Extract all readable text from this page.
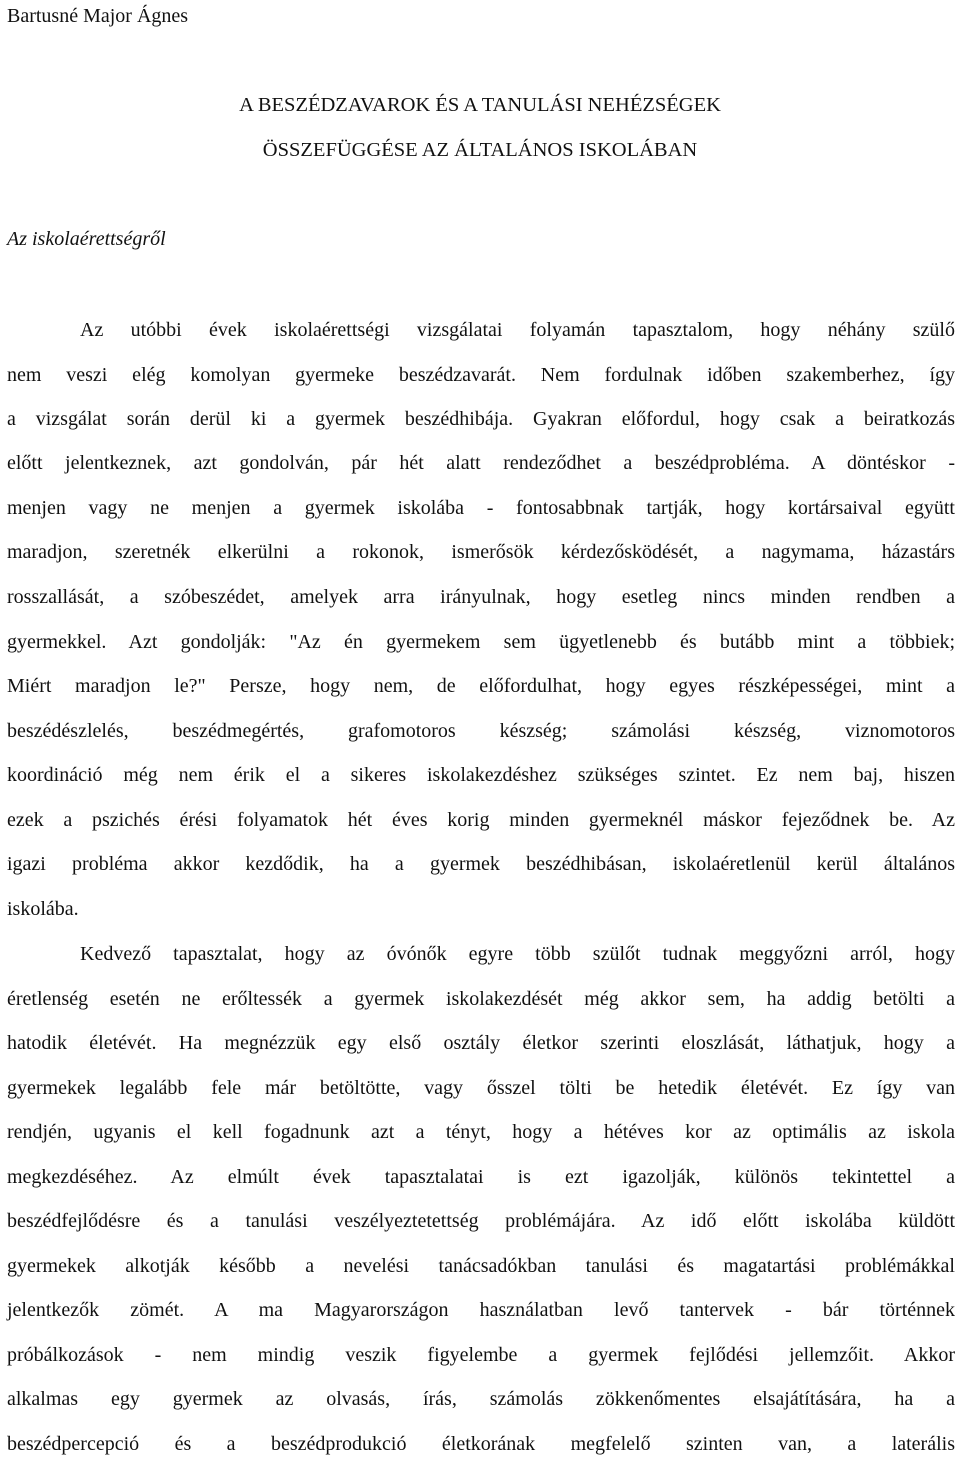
Bartusné Major Ágnes
A BESZÉDZAVAROK ÉS A TANULÁSI NEHÉZSÉGEK
ÖSSZEFÜGGÉSE AZ ÁLTALÁNOS ISKOLÁBAN
Az iskolaérettségről
Az utóbbi évek iskolaérettségi vizsgálatai folyamán tapasztalom, hogy néhány szülő
nem veszi elég komolyan gyermeke beszédzavarát. Nem fordulnak időben szakemberhez, így
a vizsgálat során derül ki a gyermek beszédhibája. Gyakran előfordul, hogy csak a beiratkozás
előtt jelentkeznek, azt gondolván, pár hét alatt rendeződhet a beszédprobléma. A döntéskor -
menjen vagy ne menjen a gyermek iskolába - fontosabbnak tartják, hogy kortársaival együtt
maradjon, szeretnék elkerülni a rokonok, ismerősök kérdezősködését, a nagymama, házastárs
rosszallását, a szóbeszédet, amelyek arra irányulnak, hogy esetleg nincs minden rendben a
gyermekkel. Azt gondolják: "Az én gyermekem sem ügyetlenebb és butább mint a többiek;
Miért maradjon le?" Persze, hogy nem, de előfordulhat, hogy egyes részképességei, mint a
beszédészlelés, beszédmegértés, grafomotoros készség; számolási készség, viznomotoros
koordináció még nem érik el a sikeres iskolakezdéshez szükséges szintet. Ez nem baj, hiszen
ezek a pszichés érési folyamatok hét éves korig minden gyermeknél máskor fejeződnek be. Az
igazi probléma akkor kezdődik, ha a gyermek beszédhibásan, iskolaéretlenül kerül általános
iskolába.
Kedvező tapasztalat, hogy az óvónők egyre több szülőt tudnak meggyőzni arról, hogy
éretlenség esetén ne erőltessék a gyermek iskolakezdését még akkor sem, ha addig betölti a
hatodik életévét. Ha megnézzük egy első osztály életkor szerinti eloszlását, láthatjuk, hogy a
gyermekek legalább fele már betöltötte, vagy ősszel tölti be hetedik életévét. Ez így van
rendjén, ugyanis el kell fogadnunk azt a tényt, hogy a hétéves kor az optimális az iskola
megkezdéséhez. Az elmúlt évek tapasztalatai is ezt igazolják, különös tekintettel a
beszédfejlődésre és a tanulási veszélyeztetettség problémájára. Az idő előtt iskolába küldött
gyermekek alkotják később a nevelési tanácsadókban tanulási és magatartási problémákkal
jelentkezők zömét. A ma Magyarországon használatban levő tantervek - bár történnek
próbálkozások - nem mindig veszik figyelembe a gyermek fejlődési jellemzőit. Akkor
alkalmas egy gyermek az olvasás, írás, számolás zökkenőmentes elsajátítására, ha a
beszédpercepció és a beszédprodukció életkorának megfelelő szinten van, a laterális
